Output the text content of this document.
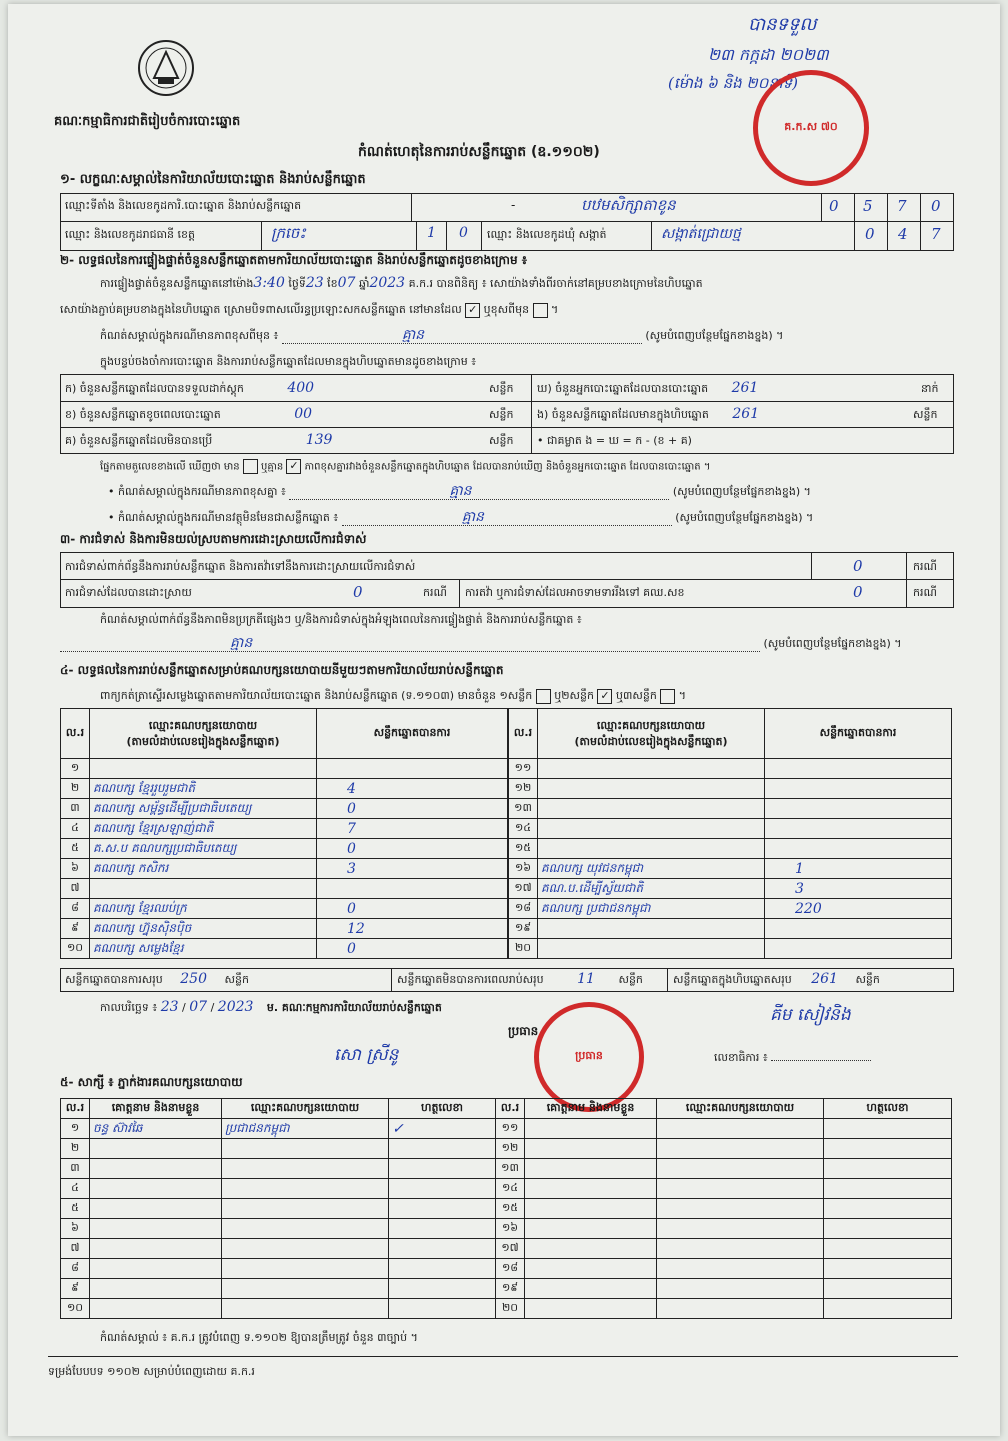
គណៈកម្មាធិការជាតិរៀបចំការបោះឆ្នោត
កំណត់ហេតុនៃការរាប់សន្លឹកឆ្នោត (ឧ.១១០២)
បានទទួល
២៣ កក្កដា ២០២៣
(ម៉ោង ៦ និង ២០នាទី)
គ.ក.ស ៧០
១- លក្ខណៈសម្គាល់នៃការិយាល័យបោះឆ្នោត និងរាប់សន្លឹកឆ្នោត
ឈ្មោះទីតាំង និងលេខកូដការិ.បោះឆ្នោត និងរាប់សន្លឹកឆ្នោត	-	បឋមសិក្សាតាខូន	0 5 7 0
ឈ្មោះ និងលេខកូដរាជធានី ខេត្ត	ក្រចេះ	1 0 ឈ្មោះ និងលេខកូដឃុំ សង្កាត់	សង្កាត់ជ្រោយថ្ម	0 4 7
២- លទ្ធផលនៃការផ្ទៀងផ្ទាត់ចំនួនសន្លឹកឆ្នោតតាមការិយាល័យបោះឆ្នោត និងរាប់សន្លឹកឆ្នោតដូចខាងក្រោម ៖
ការផ្ទៀងផ្ទាត់ចំនួនសន្លឹកឆ្នោតនៅម៉ោង3:40 ថ្ងៃទី23 ខែ07 ឆ្នាំ2023 គ.ក.រ បានពិនិត្យ ៖ សោយ៉ាងទាំងពីរចាក់នៅគម្របខាងក្រោមនៃហិបឆ្នោត
សោយ៉ាងភ្ជាប់គម្របខាងក្នុងនៃហិបឆ្នោត ស្រោមបិទពាសលើរន្ធប្រឡោះសកសន្លឹកឆ្នោត នៅមានដែល ✓ ឬខុសពីមុន  ។
កំណត់សម្គាល់ក្នុងករណីមានភាពខុសពីមុន ៖	គ្មាន	(សូមបំពេញបន្ថែមផ្នែកខាងខ្នង) ។
ក្នុងបន្ទប់ចងចាំការបោះឆ្នោត និងការរាប់សន្លឹកឆ្នោតដែលមានក្នុងហិបឆ្នោតមានដូចខាងក្រោម ៖
ក) ចំនួនសន្លឹកឆ្នោតដែលបានទទួលដាក់ស្តុក	400	សន្លឹក ឃ) ចំនួនអ្នកបោះឆ្នោតដែលបានបោះឆ្នោត 261	នាក់
ខ) ចំនួនសន្លឹកឆ្នោតខូចពេលបោះឆ្នោត	00	សន្លឹក ង) ចំនួនសន្លឹកឆ្នោតដែលមានក្នុងហិបឆ្នោត 261	សន្លឹក
គ) ចំនួនសន្លឹកឆ្នោតដែលមិនបានប្រើ	139	សន្លឹក • ជាគម្លាត ង = ឃ = ក - (ខ + គ)
ផ្នែកតាមតួលេខខាងលើ ឃើញថា មាន ឬគ្មាន ✓ ភាពខុសគ្នារវាងចំនួនសន្លឹកឆ្នោតក្នុងហិបឆ្នោត ដែលបានរាប់ឃើញ និងចំនួនអ្នកបោះឆ្នោត ដែលបានបោះឆ្នោត ។
• កំណត់សម្គាល់ក្នុងករណីមានភាពខុសគ្នា ៖	គ្មាន	(សូមបំពេញបន្ថែមផ្នែកខាងខ្នង) ។
• កំណត់សម្គាល់ក្នុងករណីមានវត្ថុមិនមែនជាសន្លឹកឆ្នោត ៖	គ្មាន	(សូមបំពេញបន្ថែមផ្នែកខាងខ្នង) ។
៣- ការជំទាស់ និងការមិនយល់ស្របតាមការដោះស្រាយលើការជំទាស់
ការជំទាស់ពាក់ព័ន្ធនឹងការរាប់សន្លឹកឆ្នោត និងការតវ៉ាទៅនឹងការដោះស្រាយលើការជំទាស់	0	ករណី
ការជំទាស់ដែលបានដោះស្រាយ	0	ករណី ការតវ៉ា ឬការជំទាស់ដែលអាចទាមទាររឹងទៅ គឈ.សខ	0	ករណី
កំណត់សម្គាល់ពាក់ព័ន្ធនឹងភាពមិនប្រក្រតីផ្សេងៗ ឬ/និងការជំទាស់ក្នុងអំឡុងពេលនៃការផ្ទៀងផ្ទាត់ និងការរាប់សន្លឹកឆ្នោត ៖
គ្មាន	(សូមបំពេញបន្ថែមផ្នែកខាងខ្នង) ។
៤- លទ្ធផលនៃការរាប់សន្លឹកឆ្នោតសម្រាប់គណបក្សនយោបាយនីមួយៗតាមការិយាល័យរាប់សន្លឹកឆ្នោត
ពាក្យកត់ត្រាស្ទើរសម្លេងឆ្នោតតាមការិយាល័យបោះឆ្នោត និងរាប់សន្លឹកឆ្នោត (ទ.១១០៣) មានចំនួន ១សន្លឹក ឬ២សន្លឹក ✓ ឬ៣សន្លឹក  ។
ល.រ	ឈ្មោះគណបក្សនយោបាយ
(តាមលំដាប់លេខរៀងក្នុងសន្លឹកឆ្នោត)	សន្លឹកឆ្នោតបានការ
១		
២	គណបក្ស ខ្មែររួបរួមជាតិ	4
៣	គណបក្ស សម្ព័ន្ធដើម្បីប្រជាធិបតេយ្យ	0
៤	គណបក្ស ខ្មែរស្រឡាញ់ជាតិ	7
៥	គ.ស.ប គណបក្សប្រជាធិបតេយ្យ	0
៦	គណបក្ស កសិករ	3
៧		
៨	គណបក្ស ខ្មែរឈប់ក្រ	0
៩	គណបក្ស ហ្វ៊ុនស៊ិនប៉ិច	12
១០	គណបក្ស សម្លេងខ្មែរ	0
ល.រ	ឈ្មោះគណបក្សនយោបាយ
(តាមលំដាប់លេខរៀងក្នុងសន្លឹកឆ្នោត)	សន្លឹកឆ្នោតបានការ
១១		
១២		
១៣		
១៤		
១៥		
១៦	គណបក្ស យុវជនកម្ពុជា	1
១៧	គណ.ប.ដើម្បីស្វ័យជាតិ	3
១៨	គណបក្ស ប្រជាជនកម្ពុជា	220
១៩		
២០		
សន្លឹកឆ្នោតបានការសរុប 250 សន្លឹក	សន្លឹកឆ្នោតមិនបានការពេលរាប់សរុប 11 សន្លឹក	សន្លឹកឆ្នោតក្នុងហិបឆ្នោតសរុប 261 សន្លឹក
កាលបរិច្ឆេទ ៖ 23 / 07 / 2023 ម. គណៈកម្មការការិយាល័យរាប់សន្លឹកឆ្នោត
ប្រធាន
សោ ស្រីនូ	ប្រធាន
គីម សៀវនិង
លេខាធិការ ៖
៥- សាក្សី ៖ ភ្នាក់ងារគណបក្សនយោបាយ
ល.រ	គោត្តនាម និងនាមខ្លួន	ឈ្មោះគណបក្សនយោបាយ	ហត្ថលេខា	ល.រ	គោត្តនាម និងនាមខ្លួន	ឈ្មោះគណបក្សនយោបាយ	ហត្ថលេខា
១	ចន្ធ ស៊ាវឆៃ	ប្រជាជនកម្ពុជា	✓	១១			
២				១២			
៣				១៣			
៤				១៤			
៥				១៥			
៦				១៦			
៧				១៧			
៨				១៨			
៩				១៩			
១០				២០			
កំណត់សម្គាល់ ៖ គ.ក.រ ត្រូវបំពេញ ទ.១១០២ ឱ្យបានត្រឹមត្រូវ ចំនួន ៣ច្បាប់ ។
ទម្រង់បែបបទ ១១០២ សម្រាប់បំពេញដោយ គ.ក.រ
